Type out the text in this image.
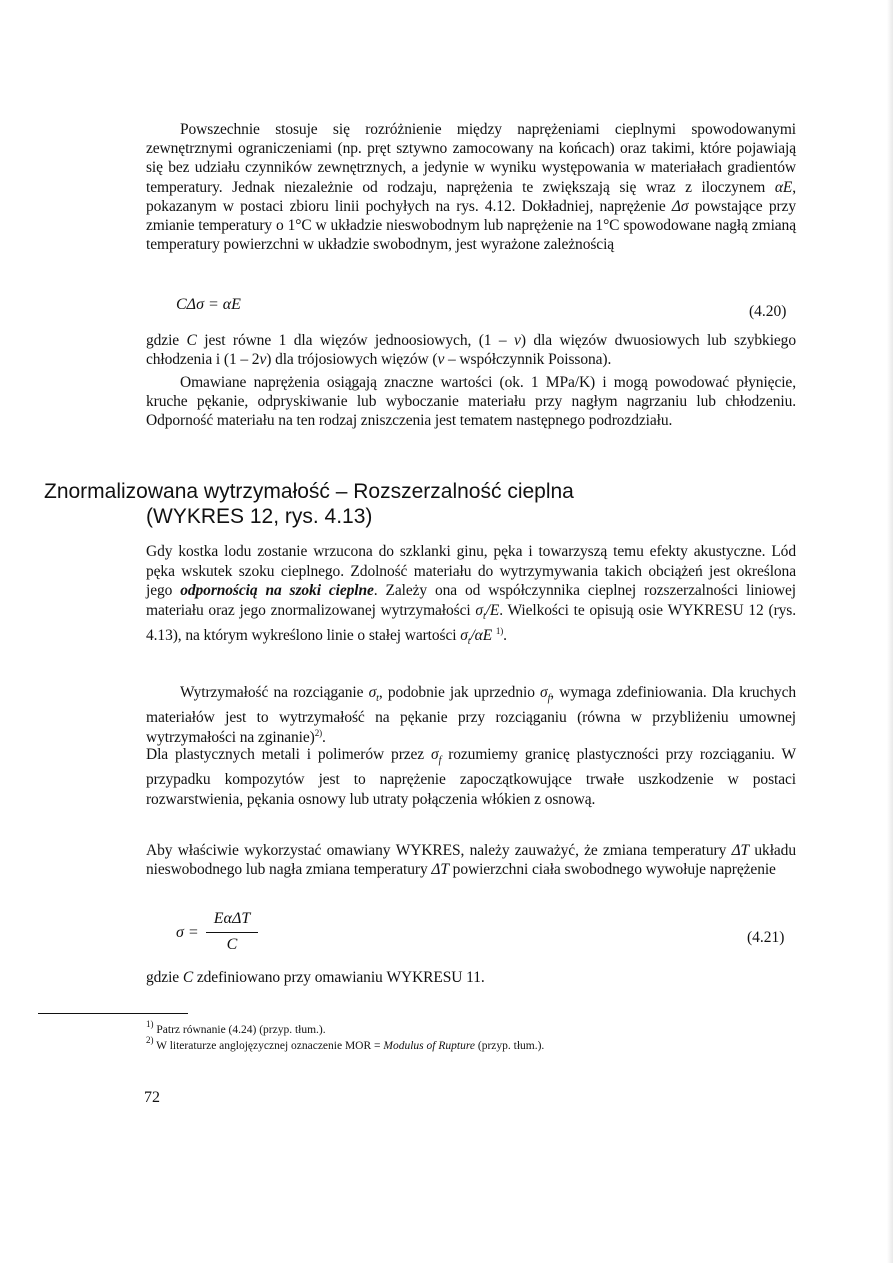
Powszechnie stosuje się rozróżnienie między naprężeniami cieplnymi spowodowanymi zewnętrznymi ograniczeniami (np. pręt sztywno zamocowany na końcach) oraz takimi, które pojawiają się bez udziału czynników zewnętrznych, a jedynie w wyniku występowania w materiałach gradientów temperatury. Jednak niezależnie od rodzaju, naprężenia te zwiększają się wraz z iloczynem αE, pokazanym w postaci zbioru linii pochyłych na rys. 4.12. Dokładniej, naprężenie Δσ powstające przy zmianie temperatury o 1°C w układzie nieswobodnym lub naprężenie na 1°C spowodowane nagłą zmianą temperatury powierzchni w układzie swobodnym, jest wyrażone zależnością

CΔσ = αE	(4.20)

gdzie C jest równe 1 dla więzów jednoosiowych, (1 – ν) dla więzów dwuosiowych lub szybkiego chłodzenia i (1 – 2ν) dla trójosiowych więzów (ν – współczynnik Poissona).

Omawiane naprężenia osiągają znaczne wartości (ok. 1 MPa/K) i mogą powodować płynięcie, kruche pękanie, odpryskiwanie lub wyboczanie materiału przy nagłym nagrzaniu lub chłodzeniu. Odporność materiału na ten rodzaj zniszczenia jest tematem następnego podrozdziału.

Znormalizowana wytrzymałość – Rozszerzalność cieplna
(WYKRES 12, rys. 4.13)

Gdy kostka lodu zostanie wrzucona do szklanki ginu, pęka i towarzyszą temu efekty akustyczne. Lód pęka wskutek szoku cieplnego. Zdolność materiału do wytrzymywania takich obciążeń jest określona jego odpornością na szoki cieplne. Zależy ona od współczynnika cieplnej rozszerzalności liniowej materiału oraz jego znormalizowanej wytrzymałości $\sigma_t/E$. Wielkości te opisują osie WYKRESU 12 (rys. 4.13), na którym wykreślono linie o stałej wartości $\sigma_t/\alpha E$ $^{1)}$.

Wytrzymałość na rozciąganie $\sigma_t$, podobnie jak uprzednio $\sigma_f$, wymaga zdefiniowania. Dla kruchych materiałów jest to wytrzymałość na pękanie przy rozciąganiu (równa w przybliżeniu umownej wytrzymałości na zginanie)$^{2)}$.

Dla plastycznych metali i polimerów przez $\sigma_f$ rozumiemy granicę plastyczności przy rozciąganiu. W przypadku kompozytów jest to naprężenie zapoczątkowujące trwałe uszkodzenie w postaci rozwarstwienia, pękania osnowy lub utraty połączenia włókien z osnową.

Aby właściwie wykorzystać omawiany WYKRES, należy zauważyć, że zmiana temperatury ΔT układu nieswobodnego lub nagła zmiana temperatury ΔT powierzchni ciała swobodnego wywołuje naprężenie

σ =
EαΔT
C	(4.21)

gdzie C zdefiniowano przy omawianiu WYKRESU 11.

$^{1)}$ Patrz równanie (4.24) (przyp. tłum.).
$^{2)}$ W literaturze anglojęzycznej oznaczenie MOR = Modulus of Rupture (przyp. tłum.).
72
